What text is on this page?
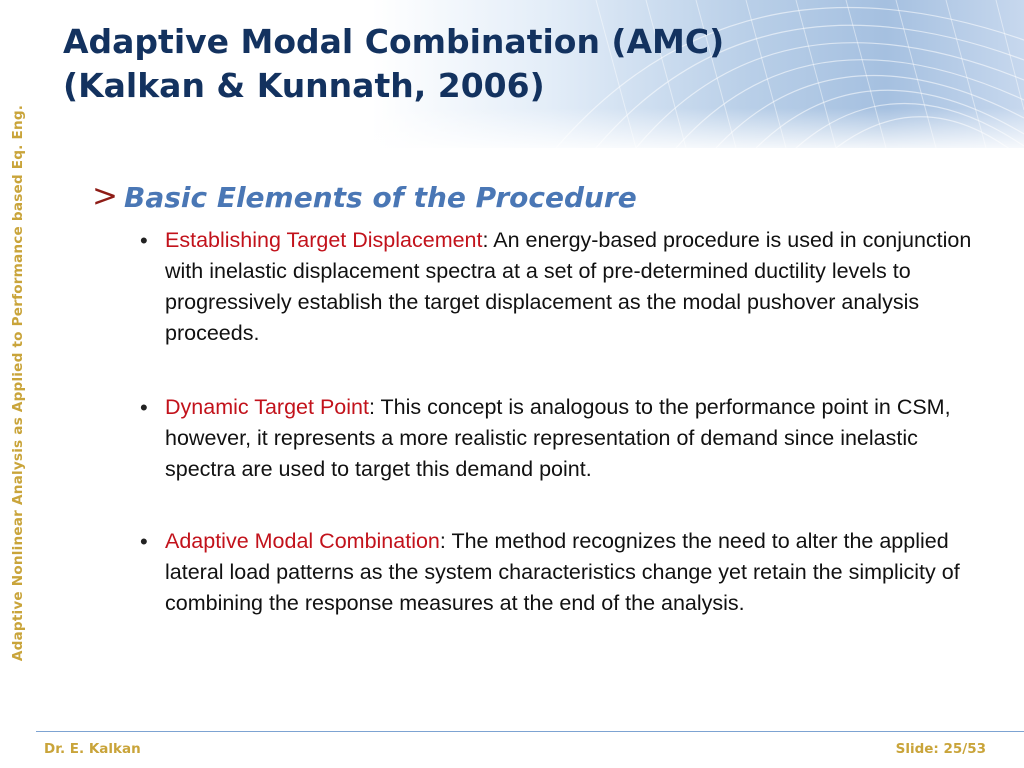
Adaptive Nonlinear Analysis as Applied to Performance based Eq. Eng.
Adaptive Modal Combination (AMC)
(Kalkan & Kunnath, 2006)
> Basic Elements of the Procedure
• Establishing Target Displacement: An energy-based procedure is used in conjunction with inelastic displacement spectra at a set of pre-determined ductility levels to progressively establish the target displacement as the modal pushover analysis proceeds.
• Dynamic Target Point: This concept is analogous to the performance point in CSM, however, it represents a more realistic representation of demand since inelastic spectra are used to target this demand point.
• Adaptive Modal Combination: The method recognizes the need to alter the applied lateral load patterns as the system characteristics change yet retain the simplicity of combining the response measures at the end of the analysis.
Dr. E. Kalkan	Slide: 25/53
